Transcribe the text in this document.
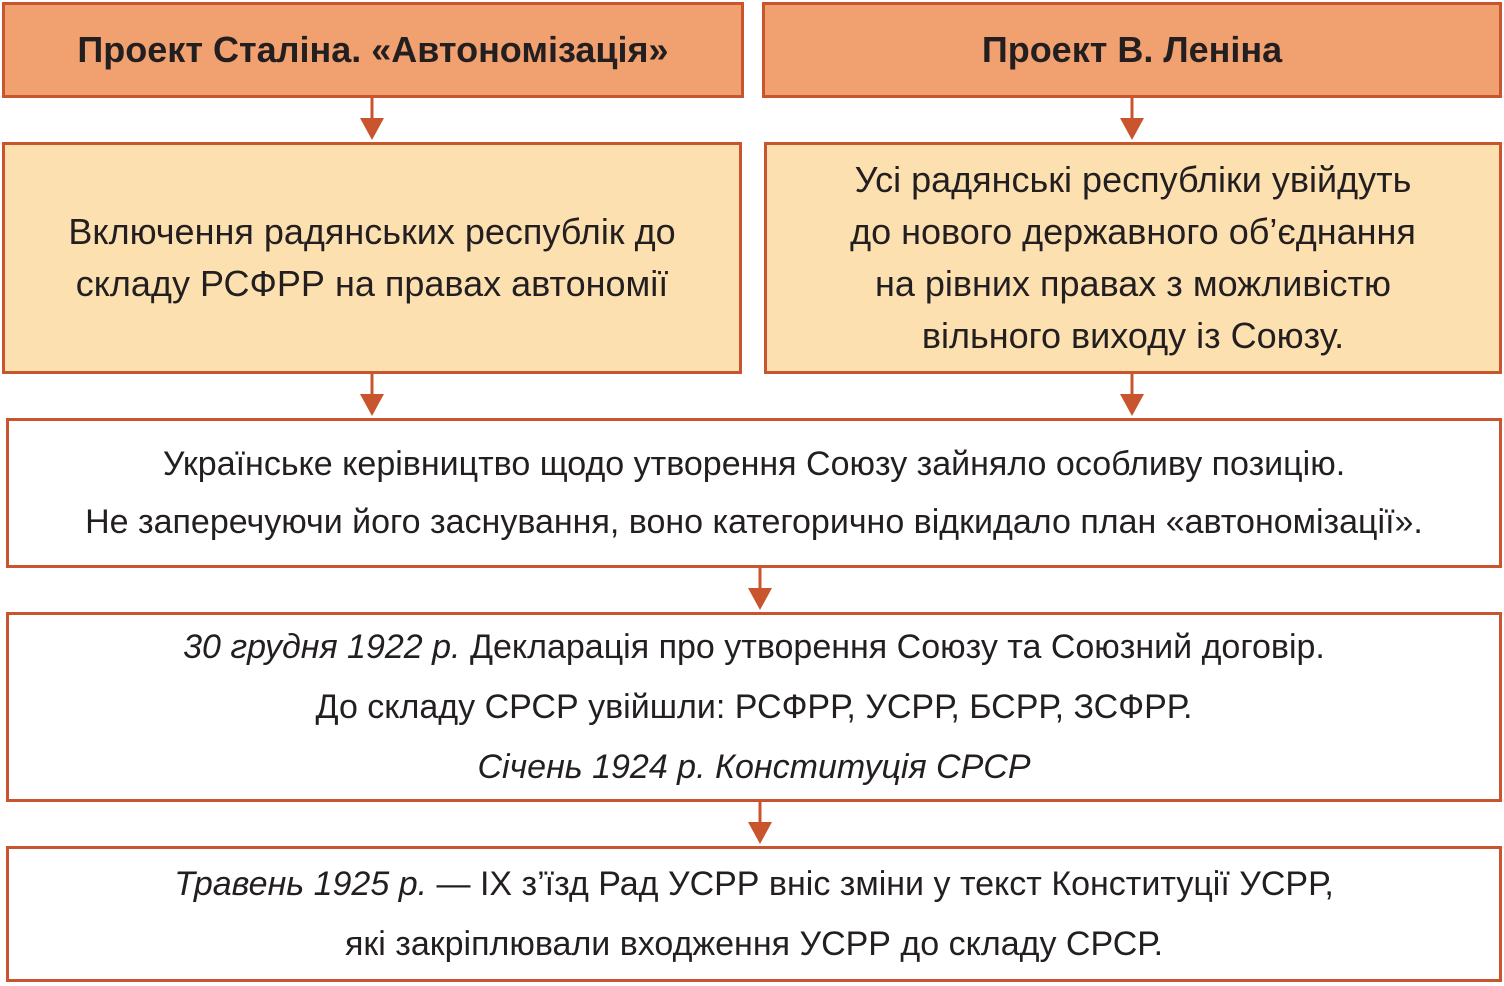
Проект Сталіна. «Автономізація»	Проект В. Леніна
Включення радянських республік до
складу РСФРР на правах автономії
Усі радянські республіки увійдуть
до нового державного об’єднання
на рівних правах з можливістю
вільного виходу із Союзу.
Українське керівництво щодо утворення Союзу зайняло особливу позицію.
Не заперечуючи його заснування, воно категорично відкидало план «автономізації».
30 грудня 1922 р. Декларація про утворення Союзу та Союзний договір.
До складу СРСР увійшли: РСФРР, УСРР, БСРР, ЗСФРР.
Січень 1924 р. Конституція СРСР
Травень 1925 р. — ІХ з’їзд Рад УСРР вніс зміни у текст Конституції УСРР,
які закріплювали входження УСРР до складу СРСР.
